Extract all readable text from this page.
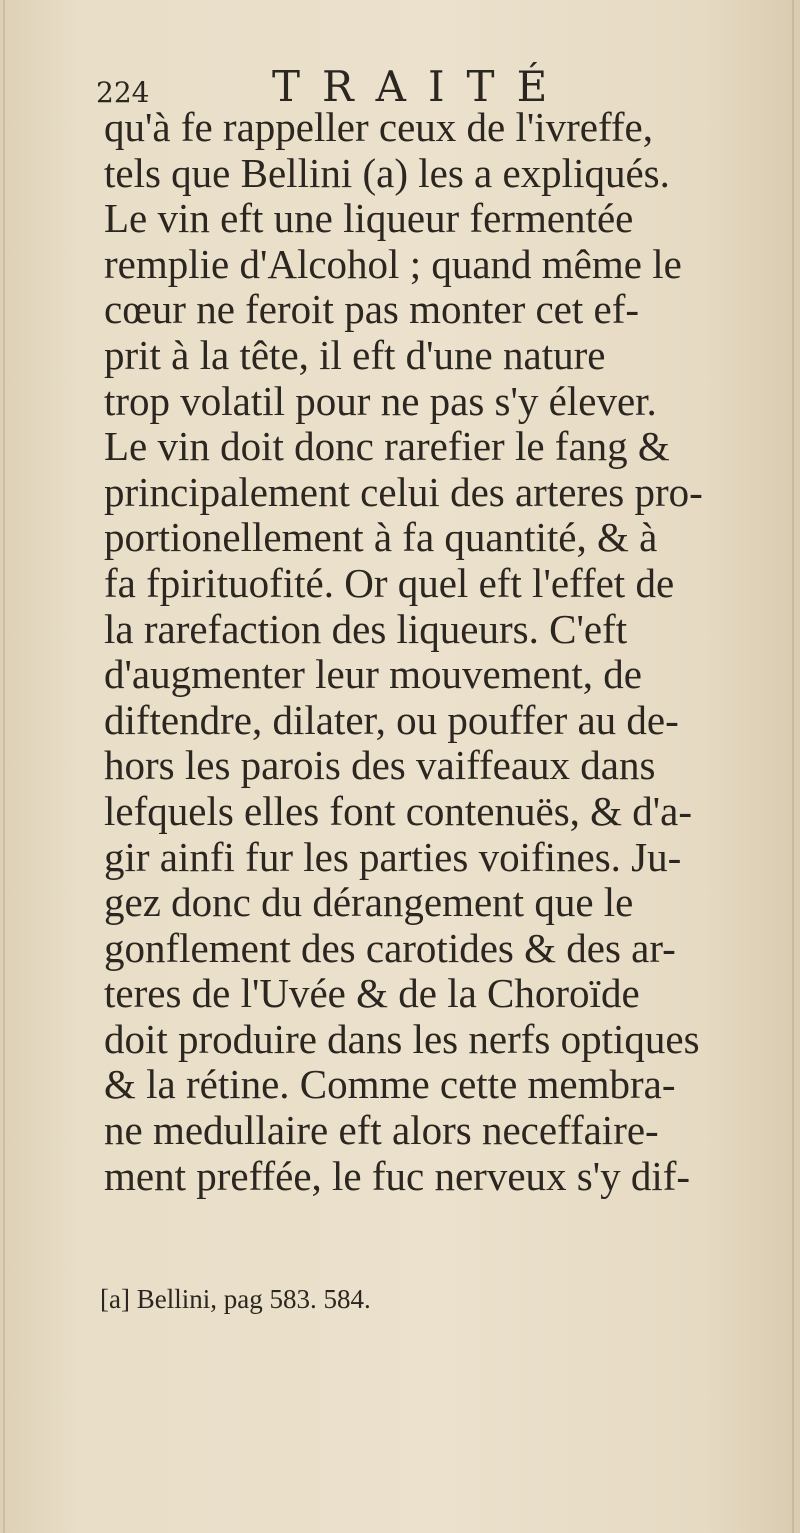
224	TRAITÉ
qu'à fe rappeller ceux de l'ivreffe,
tels que Bellini (a) les a expliqués.
Le vin eft une liqueur fermentée
remplie d'Alcohol ; quand même le
cœur ne feroit pas monter cet ef-
prit à la tête, il eft d'une nature
trop volatil pour ne pas s'y élever.
Le vin doit donc rarefier le fang &
principalement celui des arteres pro-
portionellement à fa quantité, & à
fa fpirituofité. Or quel eft l'effet de
la rarefaction des liqueurs. C'eft
d'augmenter leur mouvement, de
diftendre, dilater, ou pouffer au de-
hors les parois des vaiffeaux dans
lefquels elles font contenuës, & d'a-
gir ainfi fur les parties voifines. Ju-
gez donc du dérangement que le
gonflement des carotides & des ar-
teres de l'Uvée & de la Choroïde
doit produire dans les nerfs optiques
& la rétine. Comme cette membra-
ne medullaire eft alors neceffaire-
ment preffée, le fuc nerveux s'y dif-
[a] Bellini, pag 583. 584.
